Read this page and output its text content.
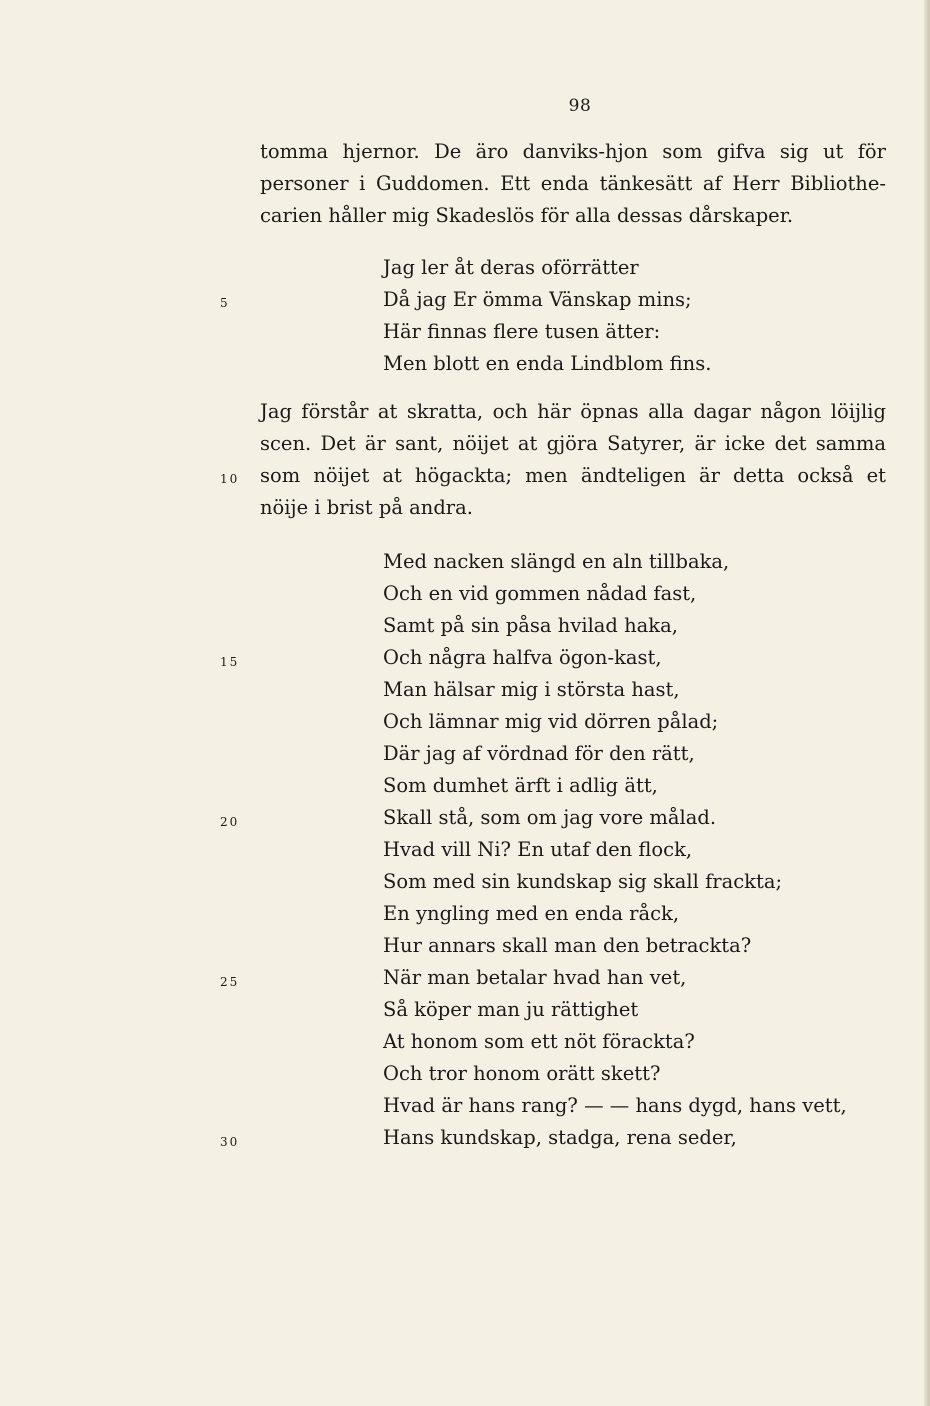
98
tomma hjernor. De äro danviks-hjon som gifva sig ut för
personer i Guddomen. Ett enda tänkesätt af Herr Bibliothe-
carien håller mig Skadeslös för alla dessas dårskaper.
Jag ler åt deras oförrätter
Då jag Er ömma Vänskap mins;
Här finnas flere tusen ätter:
Men blott en enda Lindblom fins.
Jag förstår at skratta, och här öpnas alla dagar någon löijlig
scen. Det är sant, nöijet at gjöra Satyrer, är icke det samma
som nöijet at högackta; men ändteligen är detta också et
nöije i brist på andra.
Med nacken slängd en aln tillbaka,
Och en vid gommen nådad fast,
Samt på sin påsa hvilad haka,
Och några halfva ögon-kast,
Man hälsar mig i största hast,
Och lämnar mig vid dörren pålad;
Där jag af vördnad för den rätt,
Som dumhet ärft i adlig ätt,
Skall stå, som om jag vore målad.
Hvad vill Ni? En utaf den flock,
Som med sin kundskap sig skall frackta;
En yngling med en enda råck,
Hur annars skall man den betrackta?
När man betalar hvad han vet,
Så köper man ju rättighet
At honom som ett nöt förackta?
Och tror honom orätt skett?
Hvad är hans rang? — — hans dygd, hans vett,
Hans kundskap, stadga, rena seder,
5
10
15
20
25
30
